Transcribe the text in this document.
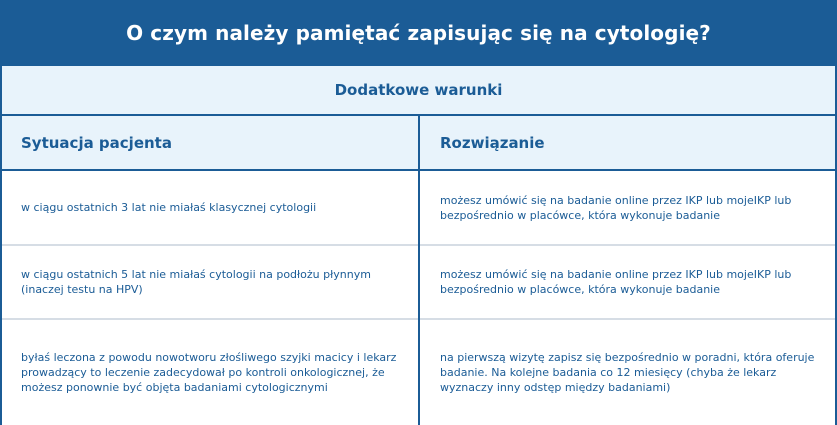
O czym należy pamiętać zapisując się na cytologię?
Dodatkowe warunki
Sytuacja pacjenta	Rozwiązanie
w ciągu ostatnich 3 lat nie miałaś klasycznej cytologii
możesz umówić się na badanie online przez IKP lub mojeIKP lub bezpośrednio w placówce, która wykonuje badanie
w ciągu ostatnich 5 lat nie miałaś cytologii na podłożu płynnym (inaczej testu na HPV)
możesz umówić się na badanie online przez IKP lub mojeIKP lub bezpośrednio w placówce, która wykonuje badanie
byłaś leczona z powodu nowotworu złośliwego szyjki macicy i lekarz prowadzący to leczenie zadecydował po kontroli onkologicznej, że możesz ponownie być objęta badaniami cytologicznymi
na pierwszą wizytę zapisz się bezpośrednio w poradni, która oferuje badanie. Na kolejne badania co 12 miesięcy (chyba że lekarz wyznaczy inny odstęp między badaniami)
